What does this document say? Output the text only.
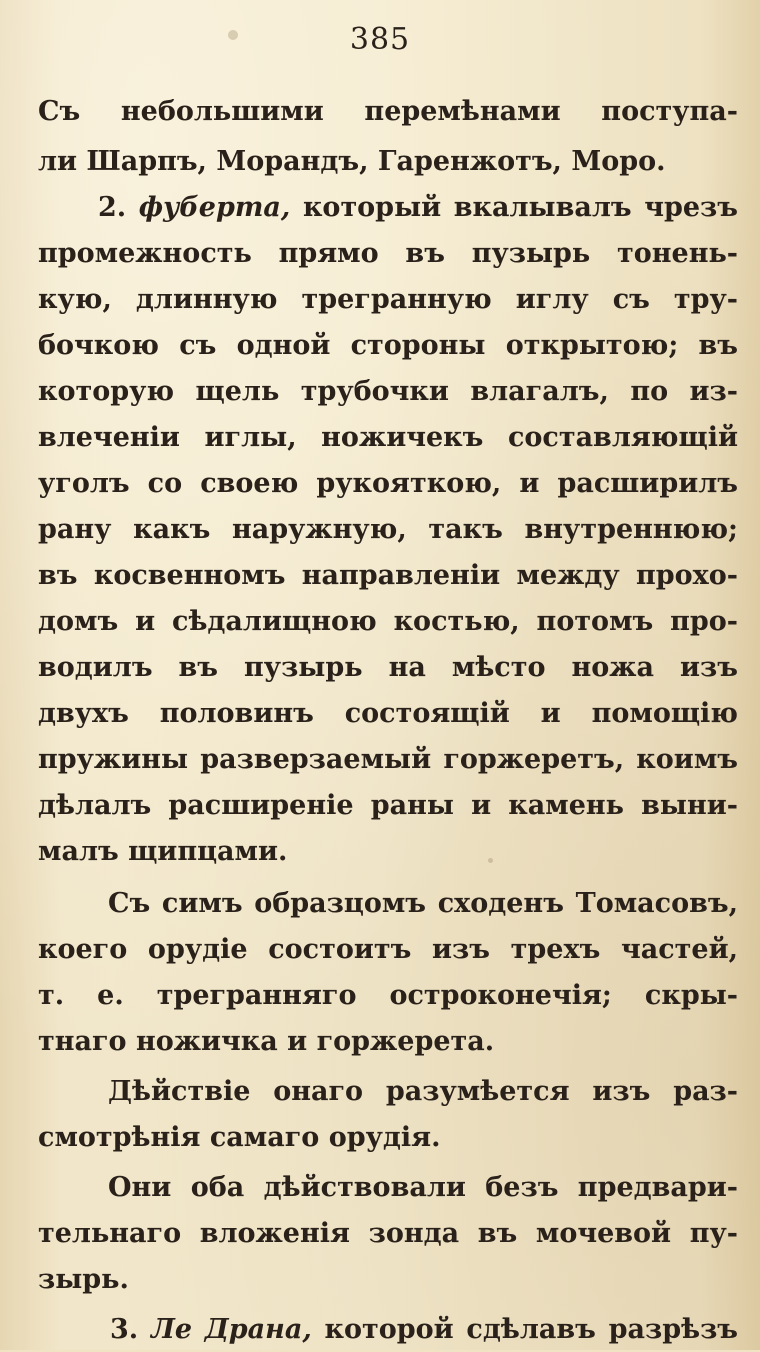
385
Съ небольшими перемѣнами поступа-
ли Шарпъ, Морандъ, Гаренжотъ, Моро.
2. фуберта, который вкалывалъ чрезъ
промежность прямо въ пузырь тонень-
кую, длинную трегранную иглу съ тру-
бочкою съ одной стороны открытою; въ
которую щель трубочки влагалъ, по из-
влеченіи иглы, ножичекъ составляющій
уголъ со своею рукояткою, и расширилъ
рану какъ наружную, такъ внутреннюю;
въ косвенномъ направленіи между прохо-
домъ и сѣдалищною костью, потомъ про-
водилъ въ пузырь на мѣсто ножа изъ
двухъ половинъ состоящій и помощію
пружины разверзаемый горжеретъ, коимъ
дѣлалъ расширеніе раны и камень выни-
малъ щипцами.
Съ симъ образцомъ сходенъ Томасовъ,
коего орудіе состоитъ изъ трехъ частей,
т. е. трегранняго остроконечія; скры-
тнаго ножичка и горжерета.
Дѣйствіе онаго разумѣется изъ раз-
смотрѣнія самаго орудія.
Они оба дѣйствовали безъ предвари-
тельнаго вложенія зонда въ мочевой пу-
зырь.
3. Ле Драна, которой сдѣлавъ разрѣзъ
